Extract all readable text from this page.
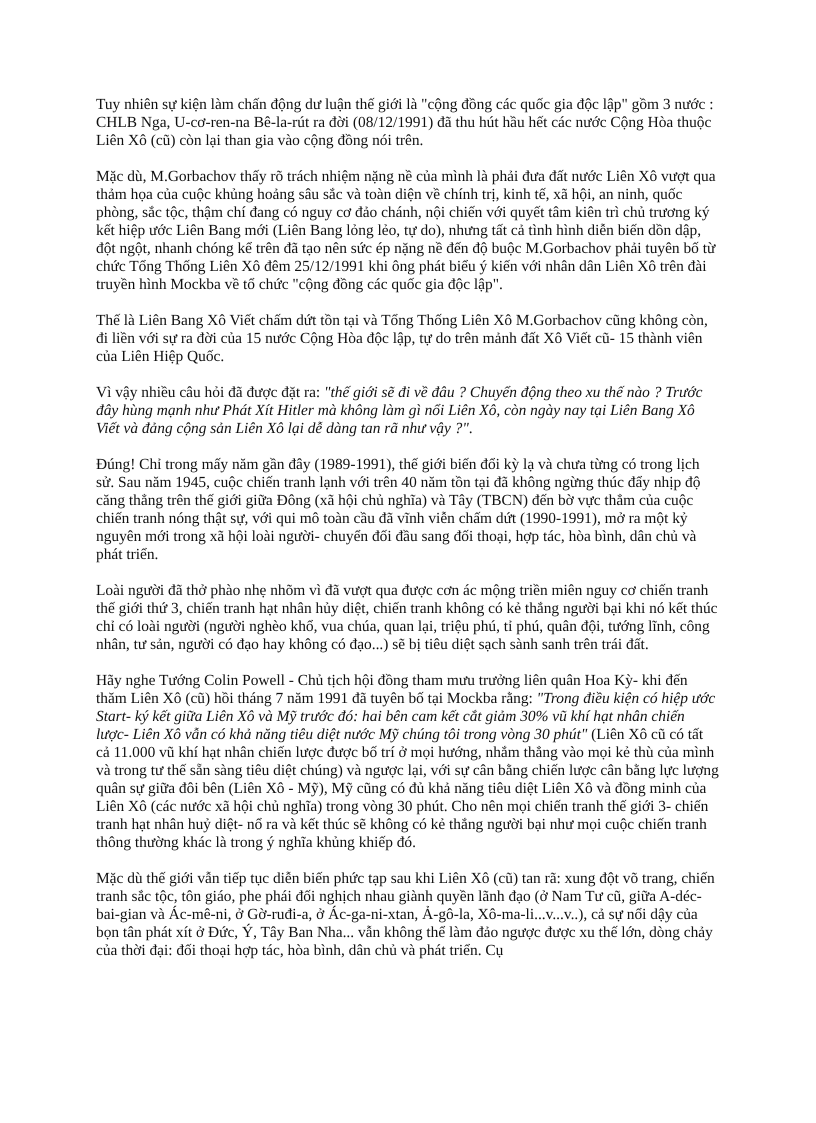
Tuy nhiên sự kiện làm chấn động dư luận thế giới là "cộng đồng các quốc gia độc lập" gồm 3 nước : CHLB Nga, U-cơ-ren-na Bê-la-rút ra đời (08/12/1991) đã thu hút hầu hết các nước Cộng Hòa thuộc Liên Xô (cũ) còn lại than gia vào cộng đồng nói trên.

Mặc dù, M.Gorbachov thấy rõ trách nhiệm nặng nề của mình là phải đưa đất nước Liên Xô vượt qua thảm họa của cuộc khủng hoảng sâu sắc và toàn diện về chính trị, kinh tế, xã hội, an ninh, quốc phòng, sắc tộc, thậm chí đang có nguy cơ đảo chánh, nội chiến với quyết tâm kiên trì chủ trương ký kết hiệp ước Liên Bang mới (Liên Bang lỏng lẻo, tự do), nhưng tất cả tình hình diễn biến dồn dập, đột ngột, nhanh chóng kể trên đã tạo nên sức ép nặng nề đến độ buộc M.Gorbachov phải tuyên bố từ chức Tổng Thống Liên Xô đêm 25/12/1991 khi ông phát biểu ý kiến với nhân dân Liên Xô trên đài truyền hình Mockba về tổ chức "cộng đồng các quốc gia độc lập".

Thế là Liên Bang Xô Viết chấm dứt tồn tại và Tổng Thống Liên Xô M.Gorbachov cũng không còn, đi liền với sự ra đời của 15 nước Cộng Hòa độc lập, tự do trên mảnh đất Xô Viết cũ- 15 thành viên của Liên Hiệp Quốc.

Vì vậy nhiều câu hỏi đã được đặt ra: "thế giới sẽ đi về đâu ? Chuyển động theo xu thế nào ? Trước đây hùng mạnh như Phát Xít Hitler mà không làm gì nổi Liên Xô, còn ngày nay tại Liên Bang Xô Viết và đảng cộng sản Liên Xô lại dễ dàng tan rã như vậy ?".

Đúng! Chỉ trong mấy năm gần đây (1989-1991), thế giới biến đổi kỳ lạ và chưa từng có trong lịch sử. Sau năm 1945, cuộc chiến tranh lạnh với trên 40 năm tồn tại đã không ngừng thúc đẩy nhịp độ căng thẳng trên thế giới giữa Đông (xã hội chủ nghĩa) và Tây (TBCN) đến bờ vực thẳm của cuộc chiến tranh nóng thật sự, với qui mô toàn cầu đã vĩnh viễn chấm dứt (1990-1991), mở ra một kỷ nguyên mới trong xã hội loài người- chuyển đối đầu sang đối thoại, hợp tác, hòa bình, dân chủ và phát triển.

Loài người đã thở phào nhẹ nhõm vì đã vượt qua được cơn ác mộng triền miên nguy cơ chiến tranh thế giới thứ 3, chiến tranh hạt nhân hủy diệt, chiến tranh không có kẻ thắng người bại khi nó kết thúc chỉ có loài người (người nghèo khổ, vua chúa, quan lại, triệu phú, tỉ phú, quân đội, tướng lĩnh, công nhân, tư sản, người có đạo hay không có đạo...) sẽ bị tiêu diệt sạch sành sanh trên trái đất.

Hãy nghe Tướng Colin Powell - Chủ tịch hội đồng tham mưu trưởng liên quân Hoa Kỳ- khi đến thăm Liên Xô (cũ) hồi tháng 7 năm 1991 đã tuyên bố tại Mockba rằng: "Trong điều kiện có hiệp ước Start- ký kết giữa Liên Xô và Mỹ trước đó: hai bên cam kết cắt giảm 30% vũ khí hạt nhân chiến lược- Liên Xô vẫn có khả năng tiêu diệt nước Mỹ chúng tôi trong vòng 30 phút" (Liên Xô cũ có tất cả 11.000 vũ khí hạt nhân chiến lược được bố trí ở mọi hướng, nhắm thẳng vào mọi kẻ thù của mình và trong tư thế sẵn sàng tiêu diệt chúng) và ngược lại, với sự cân bằng chiến lược cân bằng lực lượng quân sự giữa đôi bên (Liên Xô - Mỹ), Mỹ cũng có đủ khả năng tiêu diệt Liên Xô và đồng minh của Liên Xô (các nước xã hội chủ nghĩa) trong vòng 30 phút. Cho nên mọi chiến tranh thế giới 3- chiến tranh hạt nhân huỷ diệt- nổ ra và kết thúc sẽ không có kẻ thắng người bại như mọi cuộc chiến tranh thông thường khác là trong ý nghĩa khủng khiếp đó.

Mặc dù thế giới vẫn tiếp tục diễn biến phức tạp sau khi Liên Xô (cũ) tan rã: xung đột võ trang, chiến tranh sắc tộc, tôn giáo, phe phái đối nghịch nhau giành quyền lãnh đạo (ở Nam Tư cũ, giữa A-déc-bai-gian và Ác-mê-ni, ở Gờ-ruđi-a, ở Ác-ga-ni-xtan, Ả-gô-la, Xô-ma-li...v...v..), cả sự nổi dậy của bọn tân phát xít ở Đức, Ý, Tây Ban Nha... vẫn không thể làm đảo ngược được xu thế lớn, dòng chảy của thời đại: đối thoại hợp tác, hòa bình, dân chủ và phát triển. Cụ
